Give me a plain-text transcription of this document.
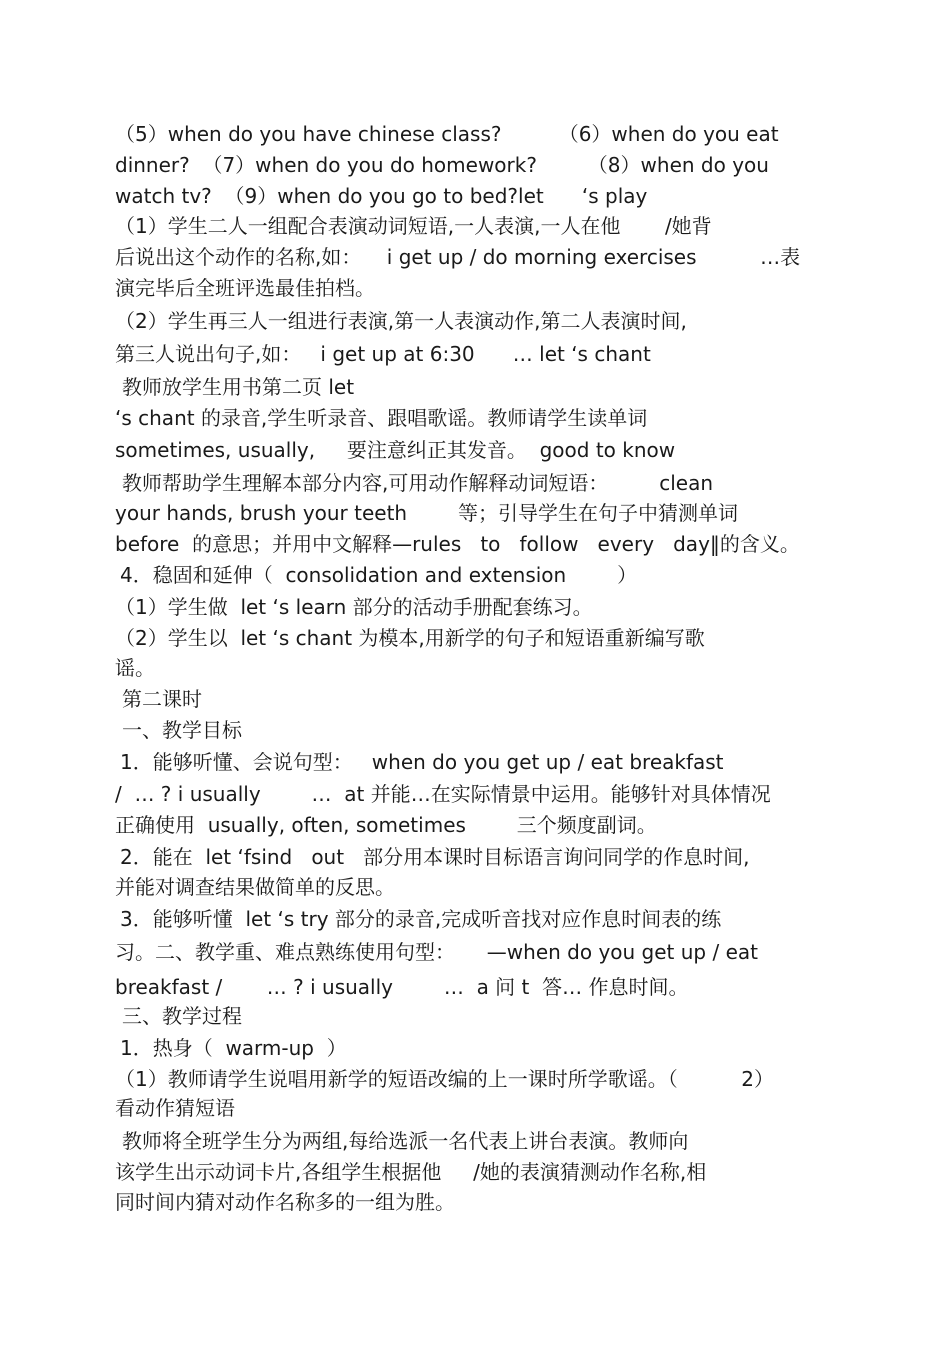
（5）when do you have chinese class?         （6）when do you eat
dinner?  （7）when do you do homework?        （8）when do you
watch tv?  （9）when do you go to bed?let      ‘s play
（1）学生二人一组配合表演动词短语,一人表演,一人在他       /她背
后说出这个动作的名称,如：    i get up / do morning exercises          …表
演完毕后全班评选最佳拍档。
（2）学生再三人一组进行表演,第一人表演动作,第二人表演时间,
第三人说出句子,如：   i get up at 6:30      … let ‘s chant
教师放学生用书第二页 let
‘s chant 的录音,学生听录音、跟唱歌谣。教师请学生读单词
sometimes, usually,     要注意纠正其发音。  good to know
教师帮助学生理解本部分内容,可用动作解释动词短语：        clean
your hands, brush your teeth        等；引导学生在句子中猜测单词
before  的意思；并用中文解释—rules   to   follow   every   day‖的含义。
4．稳固和延伸（  consolidation and extension        ）
（1）学生做  let ‘s learn 部分的活动手册配套练习。
（2）学生以  let ‘s chant 为模本,用新学的句子和短语重新编写歌
谣。
第二课时
一、教学目标
1．能够听懂、会说句型：   when do you get up / eat breakfast
/  … ? i usually        …  at 并能…在实际情景中运用。能够针对具体情况
正确使用  usually, often, sometimes        三个频度副词。
2．能在  let ‘fsind   out   部分用本课时目标语言询问同学的作息时间,
并能对调查结果做简单的反思。
3．能够听懂  let ‘s try 部分的录音,完成听音找对应作息时间表的练
习。二、教学重、难点熟练使用句型：     —when do you get up / eat
breakfast /       … ? i usually        …  a 问 t  答… 作息时间。
三、教学过程
1．热身（  warm-up  ）
（1）教师请学生说唱用新学的短语改编的上一课时所学歌谣。（          2）
看动作猜短语
教师将全班学生分为两组,每给选派一名代表上讲台表演。教师向
该学生出示动词卡片,各组学生根据他     /她的表演猜测动作名称,相
同时间内猜对动作名称多的一组为胜。
